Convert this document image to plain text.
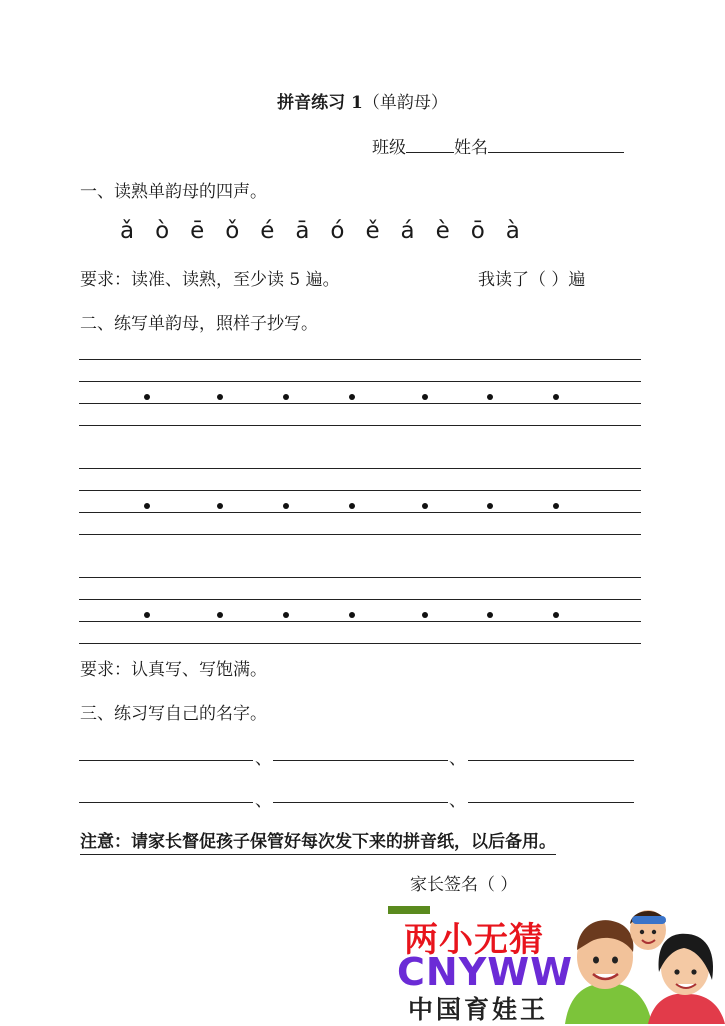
拼音练习 1（单韵母）
班级	姓名
一、读熟单韵母的四声。
ǎ ò ē ǒ é ā ó ě á è ō à
要求：读准、读熟，至少读 5 遍。	我读了（ ）遍
二、练写单韵母，照样子抄写。
要求：认真写、写饱满。
三、练习写自己的名字。
、	、
、	、
注意：请家长督促孩子保管好每次发下来的拼音纸，以后备用。
家长签名（ ）
两小无猜
CNYWW
中国育娃王
